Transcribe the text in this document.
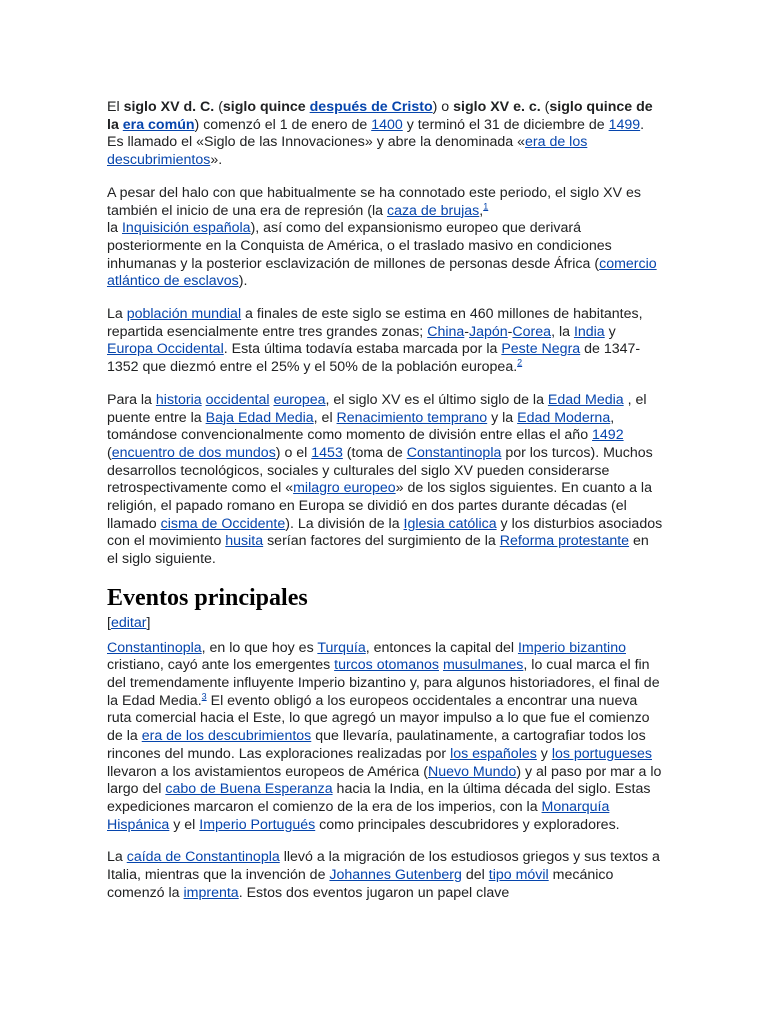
El siglo XV d. C. (siglo quince después de Cristo) o siglo XV e. c. (siglo quince de la era común) comenzó el 1 de enero de 1400 y terminó el 31 de diciembre de 1499. Es llamado el «Siglo de las Innovaciones» y abre la denominada «era de los descubrimientos».

A pesar del halo con que habitualmente se ha connotado este periodo, el siglo XV es también el inicio de una era de represión (la caza de brujas,$^1$
la Inquisición española), así como del expansionismo europeo que derivará posteriormente en la Conquista de América, o el traslado masivo en condiciones inhumanas y la posterior esclavización de millones de personas desde África (comercio atlántico de esclavos).

La población mundial a finales de este siglo se estima en 460 millones de habitantes, repartida esencialmente entre tres grandes zonas; China-Japón-Corea, la India y Europa Occidental. Esta última todavía estaba marcada por la Peste Negra de 1347-1352 que diezmó entre el 25% y el 50% de la población europea.$^2$

Para la historia occidental europea, el siglo XV es el último siglo de la Edad Media , el puente entre la Baja Edad Media, el Renacimiento temprano y la Edad Moderna, tomándose convencionalmente como momento de división entre ellas el año 1492 (encuentro de dos mundos) o el 1453 (toma de Constantinopla por los turcos). Muchos desarrollos tecnológicos, sociales y culturales del siglo XV pueden considerarse retrospectivamente como el «milagro europeo» de los siglos siguientes. En cuanto a la religión, el papado romano en Europa se dividió en dos partes durante décadas (el llamado cisma de Occidente). La división de la Iglesia católica y los disturbios asociados con el movimiento husita serían factores del surgimiento de la Reforma protestante en el siglo siguiente.

Eventos principales
[editar]

Constantinopla, en lo que hoy es Turquía, entonces la capital del Imperio bizantino cristiano, cayó ante los emergentes turcos otomanos musulmanes, lo cual marca el fin del tremendamente influyente Imperio bizantino y, para algunos historiadores, el final de la Edad Media.$^3$ El evento obligó a los europeos occidentales a encontrar una nueva ruta comercial hacia el Este, lo que agregó un mayor impulso a lo que fue el comienzo de la era de los descubrimientos que llevaría, paulatinamente, a cartografiar todos los rincones del mundo. Las exploraciones realizadas por los españoles y los portugueses llevaron a los avistamientos europeos de América (Nuevo Mundo) y al paso por mar a lo largo del cabo de Buena Esperanza hacia la India, en la última década del siglo. Estas expediciones marcaron el comienzo de la era de los imperios, con la Monarquía Hispánica y el Imperio Portugués como principales descubridores y exploradores.

La caída de Constantinopla llevó a la migración de los estudiosos griegos y sus textos a Italia, mientras que la invención de Johannes Gutenberg del tipo móvil mecánico comenzó la imprenta. Estos dos eventos jugaron un papel clave
